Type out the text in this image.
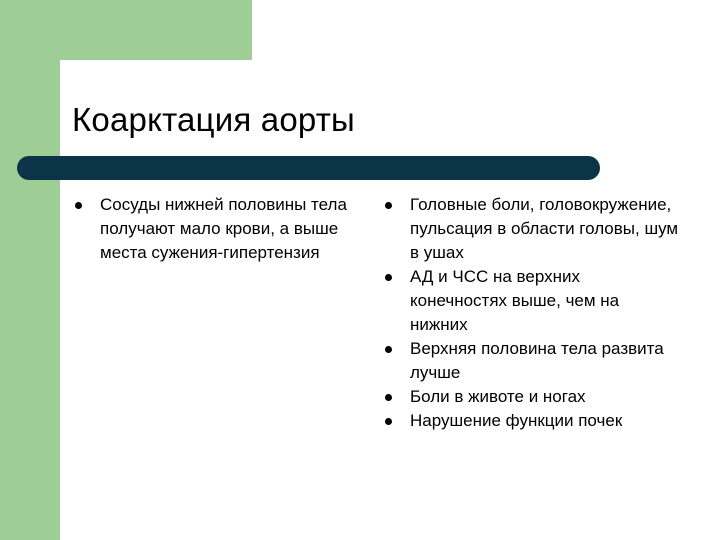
Коарктация аорты
Сосуды нижней половины тела получают мало крови, а выше места сужения-гипертензия
Головные боли, головокружение, пульсация в области головы, шум в ушах
АД и ЧСС на верхних конечностях выше, чем на нижних
Верхняя половина тела развита лучше
Боли в животе и ногах
Нарушение функции почек
